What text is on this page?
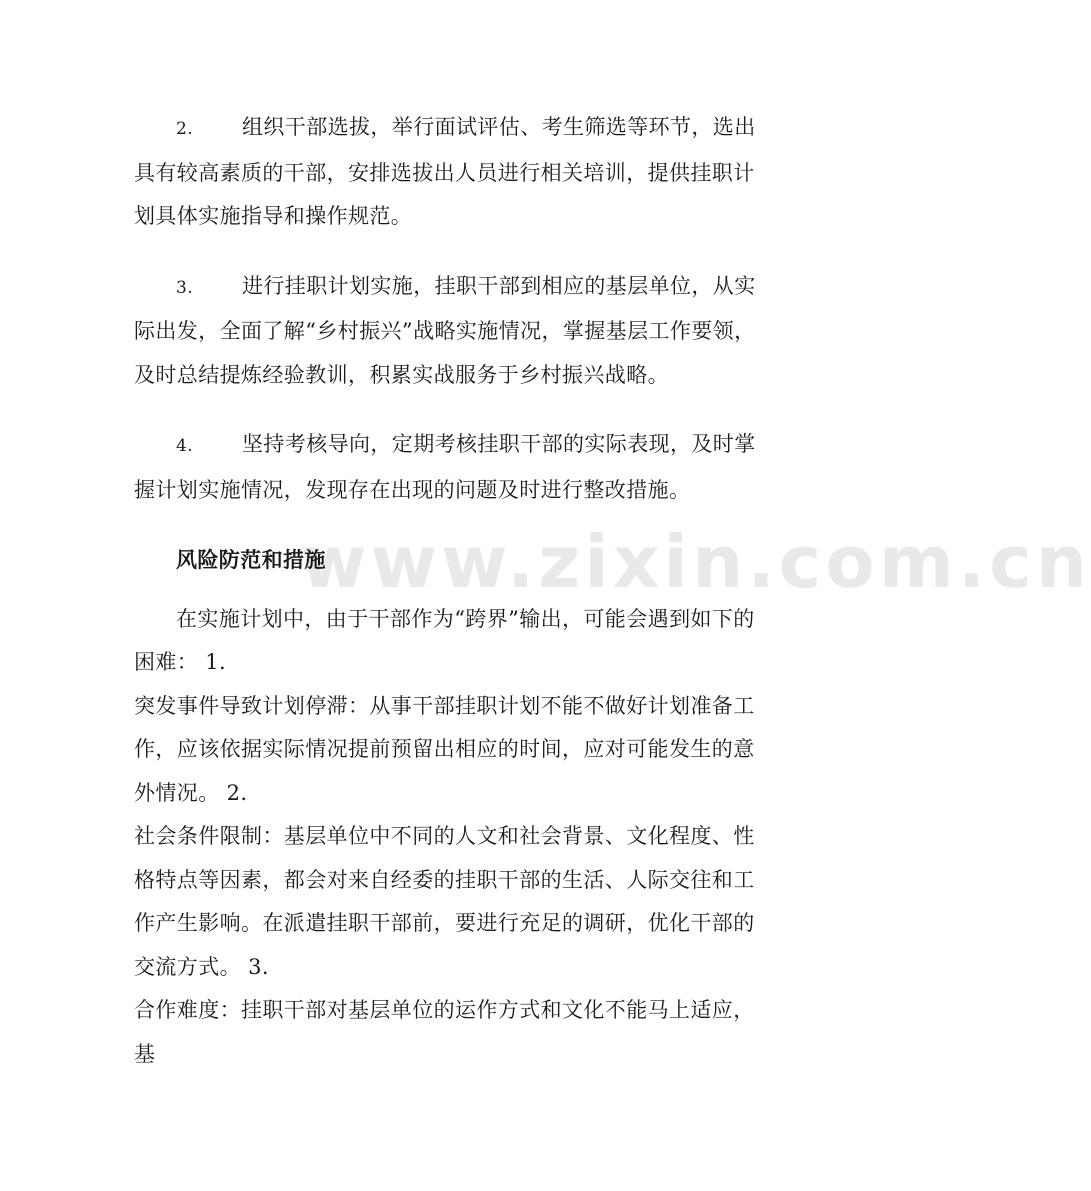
www.zixin.com.cn

2. 组织干部选拔，举行面试评估、考生筛选等环节，选出具有较高素质的干部，安排选拔出人员进行相关培训，提供挂职计划具体实施指导和操作规范。

3. 进行挂职计划实施，挂职干部到相应的基层单位，从实际出发，全面了解“乡村振兴”战略实施情况，掌握基层工作要领，及时总结提炼经验教训，积累实战服务于乡村振兴战略。

4. 坚持考核导向，定期考核挂职干部的实际表现，及时掌握计划实施情况，发现存在出现的问题及时进行整改措施。

风险防范和措施

在实施计划中，由于干部作为“跨界”输出，可能会遇到如下的困难： 1.

突发事件导致计划停滞：从事干部挂职计划不能不做好计划准备工作，应该依据实际情况提前预留出相应的时间，应对可能发生的意外情况。 2.

社会条件限制：基层单位中不同的人文和社会背景、文化程度、性格特点等因素，都会对来自经委的挂职干部的生活、人际交往和工作产生影响。在派遣挂职干部前，要进行充足的调研，优化干部的交流方式。 3.

合作难度：挂职干部对基层单位的运作方式和文化不能马上适应，基
